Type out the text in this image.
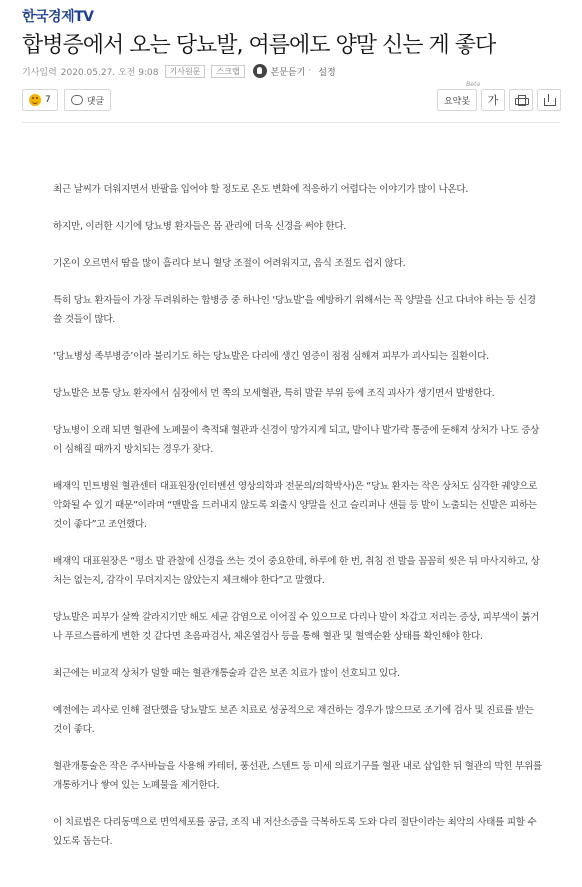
한국경제TV
합병증에서 오는 당뇨발, 여름에도 양말 신는 게 좋다
기사입력 2020.05.27. 오전 9:08	기사원문	스크랩	본문듣기 · 설정
7	댓글
Beta
요약봇 가

최근 날씨가 더워지면서 반팔을 입어야 할 정도로 온도 변화에 적응하기 어렵다는 이야기가 많이 나온다.

하지만, 이러한 시기에 당뇨병 환자들은 몸 관리에 더욱 신경을 써야 한다.

기온이 오르면서 땀을 많이 흘리다 보니 혈당 조절이 어려워지고, 음식 조절도 쉽지 않다.

특히 당뇨 환자들이 가장 두려워하는 합병증 중 하나인 ‘당뇨발’을 예방하기 위해서는 꼭 양말을 신고 다녀야 하는 등 신경 쓸 것들이 많다.

‘당뇨병성 족부병증’이라 불리기도 하는 당뇨발은 다리에 생긴 염증이 점점 심해져 피부가 괴사되는 질환이다.

당뇨발은 보통 당뇨 환자에서 심장에서 먼 쪽의 모세혈관, 특히 발끝 부위 등에 조직 괴사가 생기면서 발병한다.

당뇨병이 오래 되면 혈관에 노폐물이 축적돼 혈관과 신경이 망가지게 되고, 발이나 발가락 통증에 둔해져 상처가 나도 증상이 심해질 때까지 방치되는 경우가 잦다.

배재익 민트병원 혈관센터 대표원장(인터벤션 영상의학과 전문의/의학박사)은 “당뇨 환자는 작은 상처도 심각한 궤양으로 악화될 수 있기 때문”이라며 “맨발을 드러내지 않도록 외출시 양말을 신고 슬리퍼나 샌들 등 발이 노출되는 신발은 피하는 것이 좋다”고 조언했다.

배재익 대표원장은 “평소 발 관찰에 신경을 쓰는 것이 중요한데, 하루에 한 번, 취침 전 발을 꼼꼼히 씻은 뒤 마사지하고, 상처는 없는지, 감각이 무뎌지지는 않았는지 체크해야 한다”고 말했다.

당뇨발은 피부가 살짝 갈라지기만 해도 세균 감염으로 이어질 수 있으므로 다리나 발이 차갑고 저리는 증상, 피부색이 붉거나 푸르스름하게 변한 것 같다면 초음파검사, 체온열검사 등을 통해 혈관 및 혈액순환 상태를 확인해야 한다.

최근에는 비교적 상처가 덜할 때는 혈관개통술과 같은 보존 치료가 많이 선호되고 있다.

예전에는 괴사로 인해 절단했을 당뇨발도 보존 치료로 성공적으로 재건하는 경우가 많으므로 조기에 검사 및 진료를 받는 것이 좋다.

혈관개통술은 작은 주사바늘을 사용해 카테터, 풍선관, 스텐트 등 미세 의료기구를 혈관 내로 삽입한 뒤 혈관의 막힌 부위를 개통하거나 쌓여 있는 노폐물을 제거한다.

이 치료법은 다리동맥으로 면역세포를 공급, 조직 내 저산소증을 극복하도록 도와 다리 절단이라는 최악의 사태를 피할 수 있도록 돕는다.
